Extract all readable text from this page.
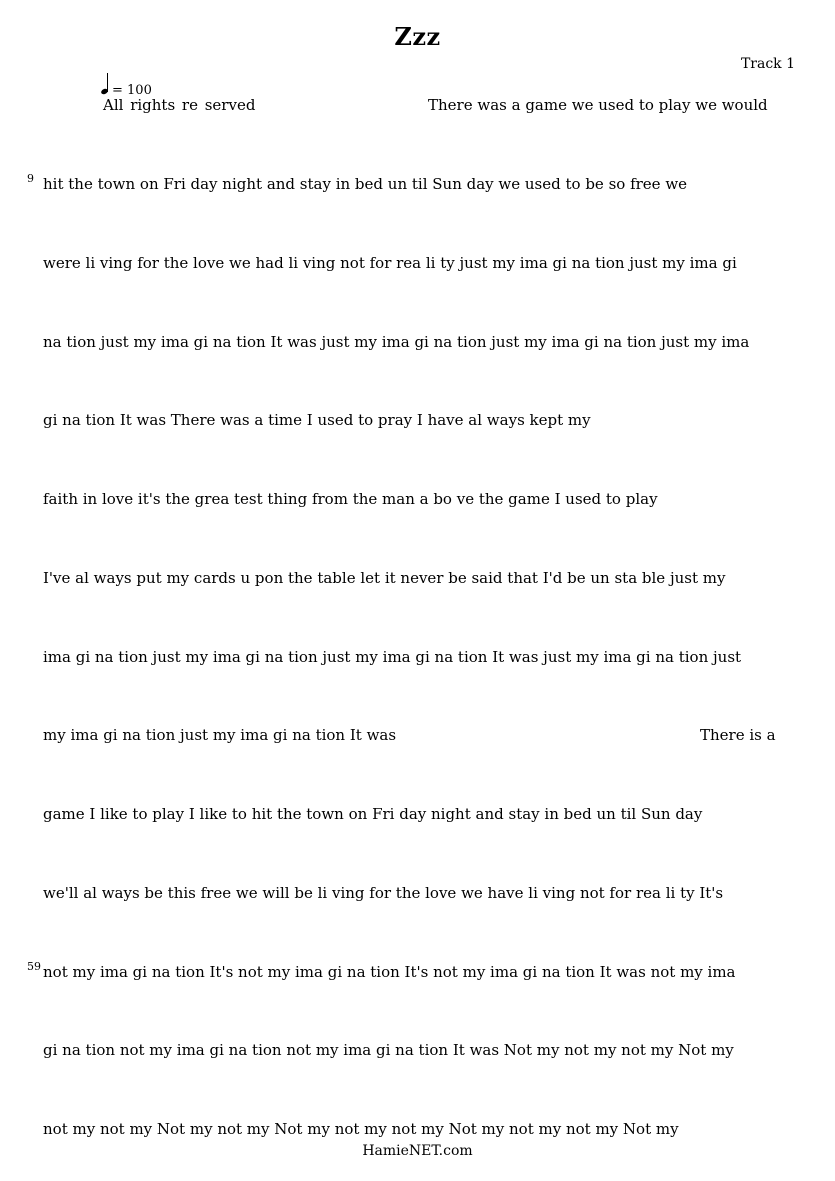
Zzz
Track 1
= 100
All rights re served	There was a game we used to play we would
9 hit the town on Fri day night and stay in bed un til Sun day we used to be so free we
were li ving for the love we had li ving not for rea li ty just my ima gi na tion just my ima gi
na tion just my ima gi na tion It was just my ima gi na tion just my ima gi na tion just my ima
gi na tion It was There was a time I used to pray I have al ways kept my
faith in love it's the grea test thing from the man a bo ve the game I used to play
I've al ways put my cards u pon the table let it never be said that I'd be un sta ble just my
ima gi na tion just my ima gi na tion just my ima gi na tion It was just my ima gi na tion just
my ima gi na tion just my ima gi na tion It was	There is a
game I like to play I like to hit the town on Fri day night and stay in bed un til Sun day
we'll al ways be this free we will be li ving for the love we have li ving not for rea li ty It's
59 not my ima gi na tion It's not my ima gi na tion It's not my ima gi na tion It was not my ima
gi na tion not my ima gi na tion not my ima gi na tion It was Not my not my not my Not my
not my not my Not my not my Not my not my not my Not my not my not my Not my
HamieNET.com
